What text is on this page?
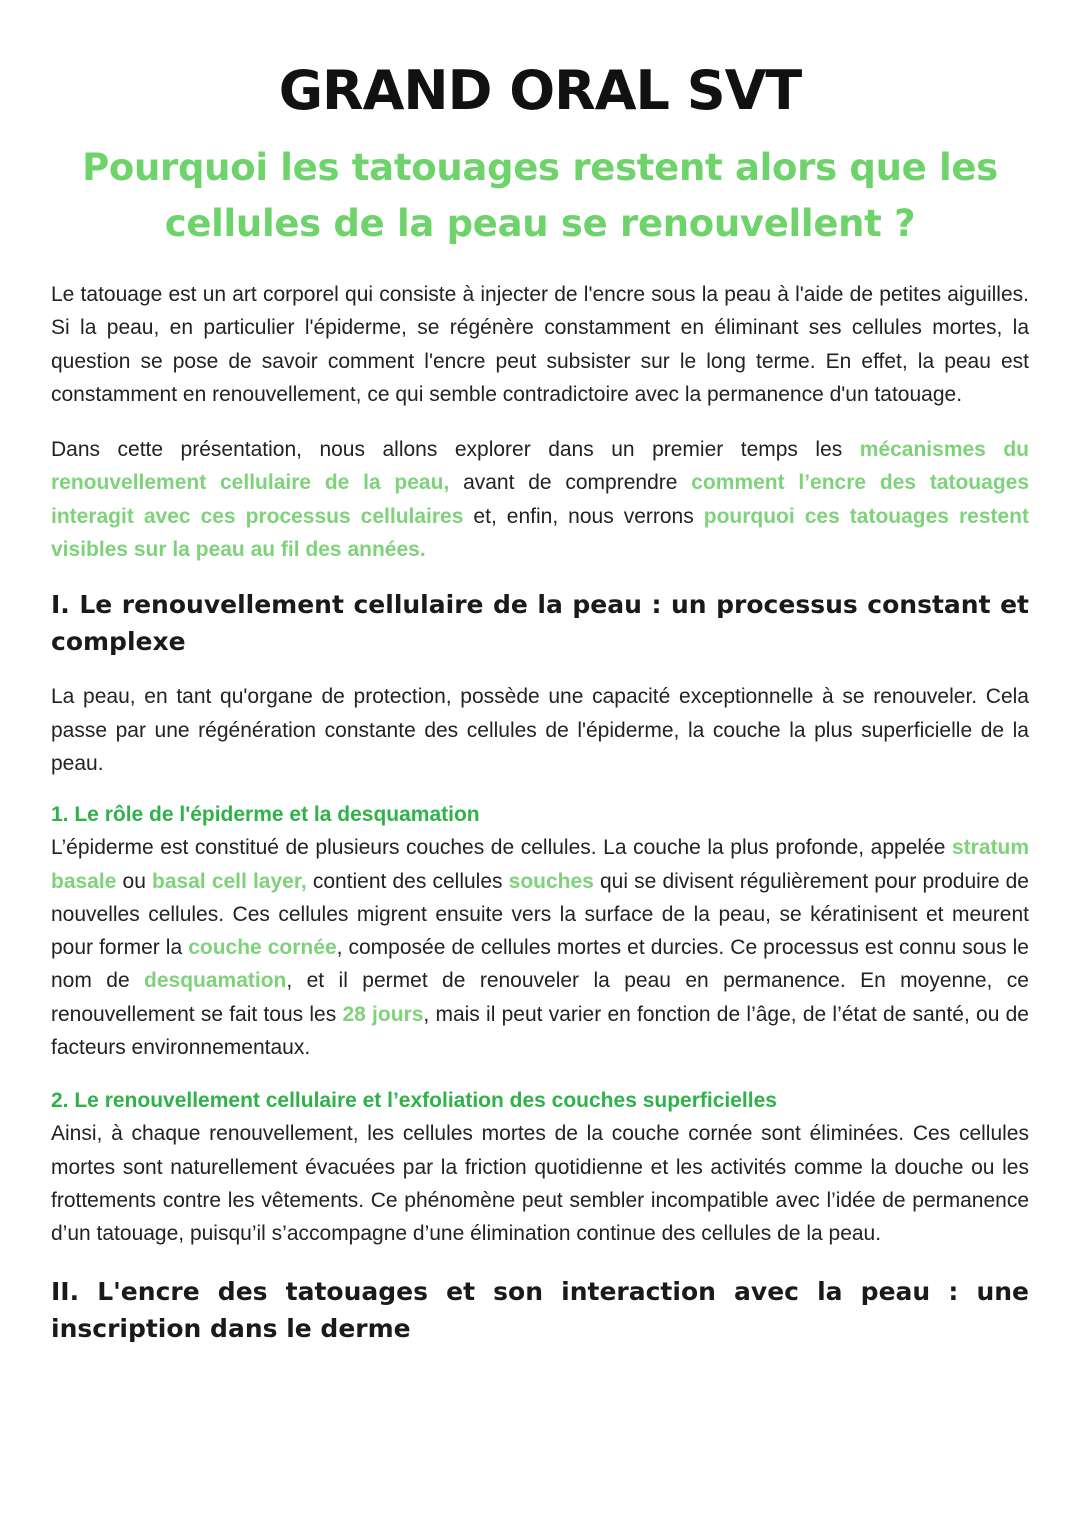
GRAND ORAL SVT
Pourquoi les tatouages restent alors que les
cellules de la peau se renouvellent ?

Le tatouage est un art corporel qui consiste à injecter de l'encre sous la peau à l'aide de petites aiguilles. Si la peau, en particulier l'épiderme, se régénère constamment en éliminant ses cellules mortes, la question se pose de savoir comment l'encre peut subsister sur le long terme. En effet, la peau est constamment en renouvellement, ce qui semble contradictoire avec la permanence d'un tatouage.

Dans cette présentation, nous allons explorer dans un premier temps les mécanismes du renouvellement cellulaire de la peau, avant de comprendre comment l’encre des tatouages interagit avec ces processus cellulaires et, enfin, nous verrons pourquoi ces tatouages restent visibles sur la peau au fil des années.

I. Le renouvellement cellulaire de la peau : un processus constant et complexe

La peau, en tant qu'organe de protection, possède une capacité exceptionnelle à se renouveler. Cela passe par une régénération constante des cellules de l'épiderme, la couche la plus superficielle de la peau.

1. Le rôle de l'épiderme et la desquamation

L’épiderme est constitué de plusieurs couches de cellules. La couche la plus profonde, appelée stratum basale ou basal cell layer, contient des cellules souches qui se divisent régulièrement pour produire de nouvelles cellules. Ces cellules migrent ensuite vers la surface de la peau, se kératinisent et meurent pour former la couche cornée, composée de cellules mortes et durcies. Ce processus est connu sous le nom de desquamation, et il permet de renouveler la peau en permanence. En moyenne, ce renouvellement se fait tous les 28 jours, mais il peut varier en fonction de l’âge, de l’état de santé, ou de facteurs environnementaux.

2. Le renouvellement cellulaire et l’exfoliation des couches superficielles

Ainsi, à chaque renouvellement, les cellules mortes de la couche cornée sont éliminées. Ces cellules mortes sont naturellement évacuées par la friction quotidienne et les activités comme la douche ou les frottements contre les vêtements. Ce phénomène peut sembler incompatible avec l’idée de permanence d’un tatouage, puisqu’il s’accompagne d’une élimination continue des cellules de la peau.

II. L'encre des tatouages et son interaction avec la peau : une inscription dans le derme
